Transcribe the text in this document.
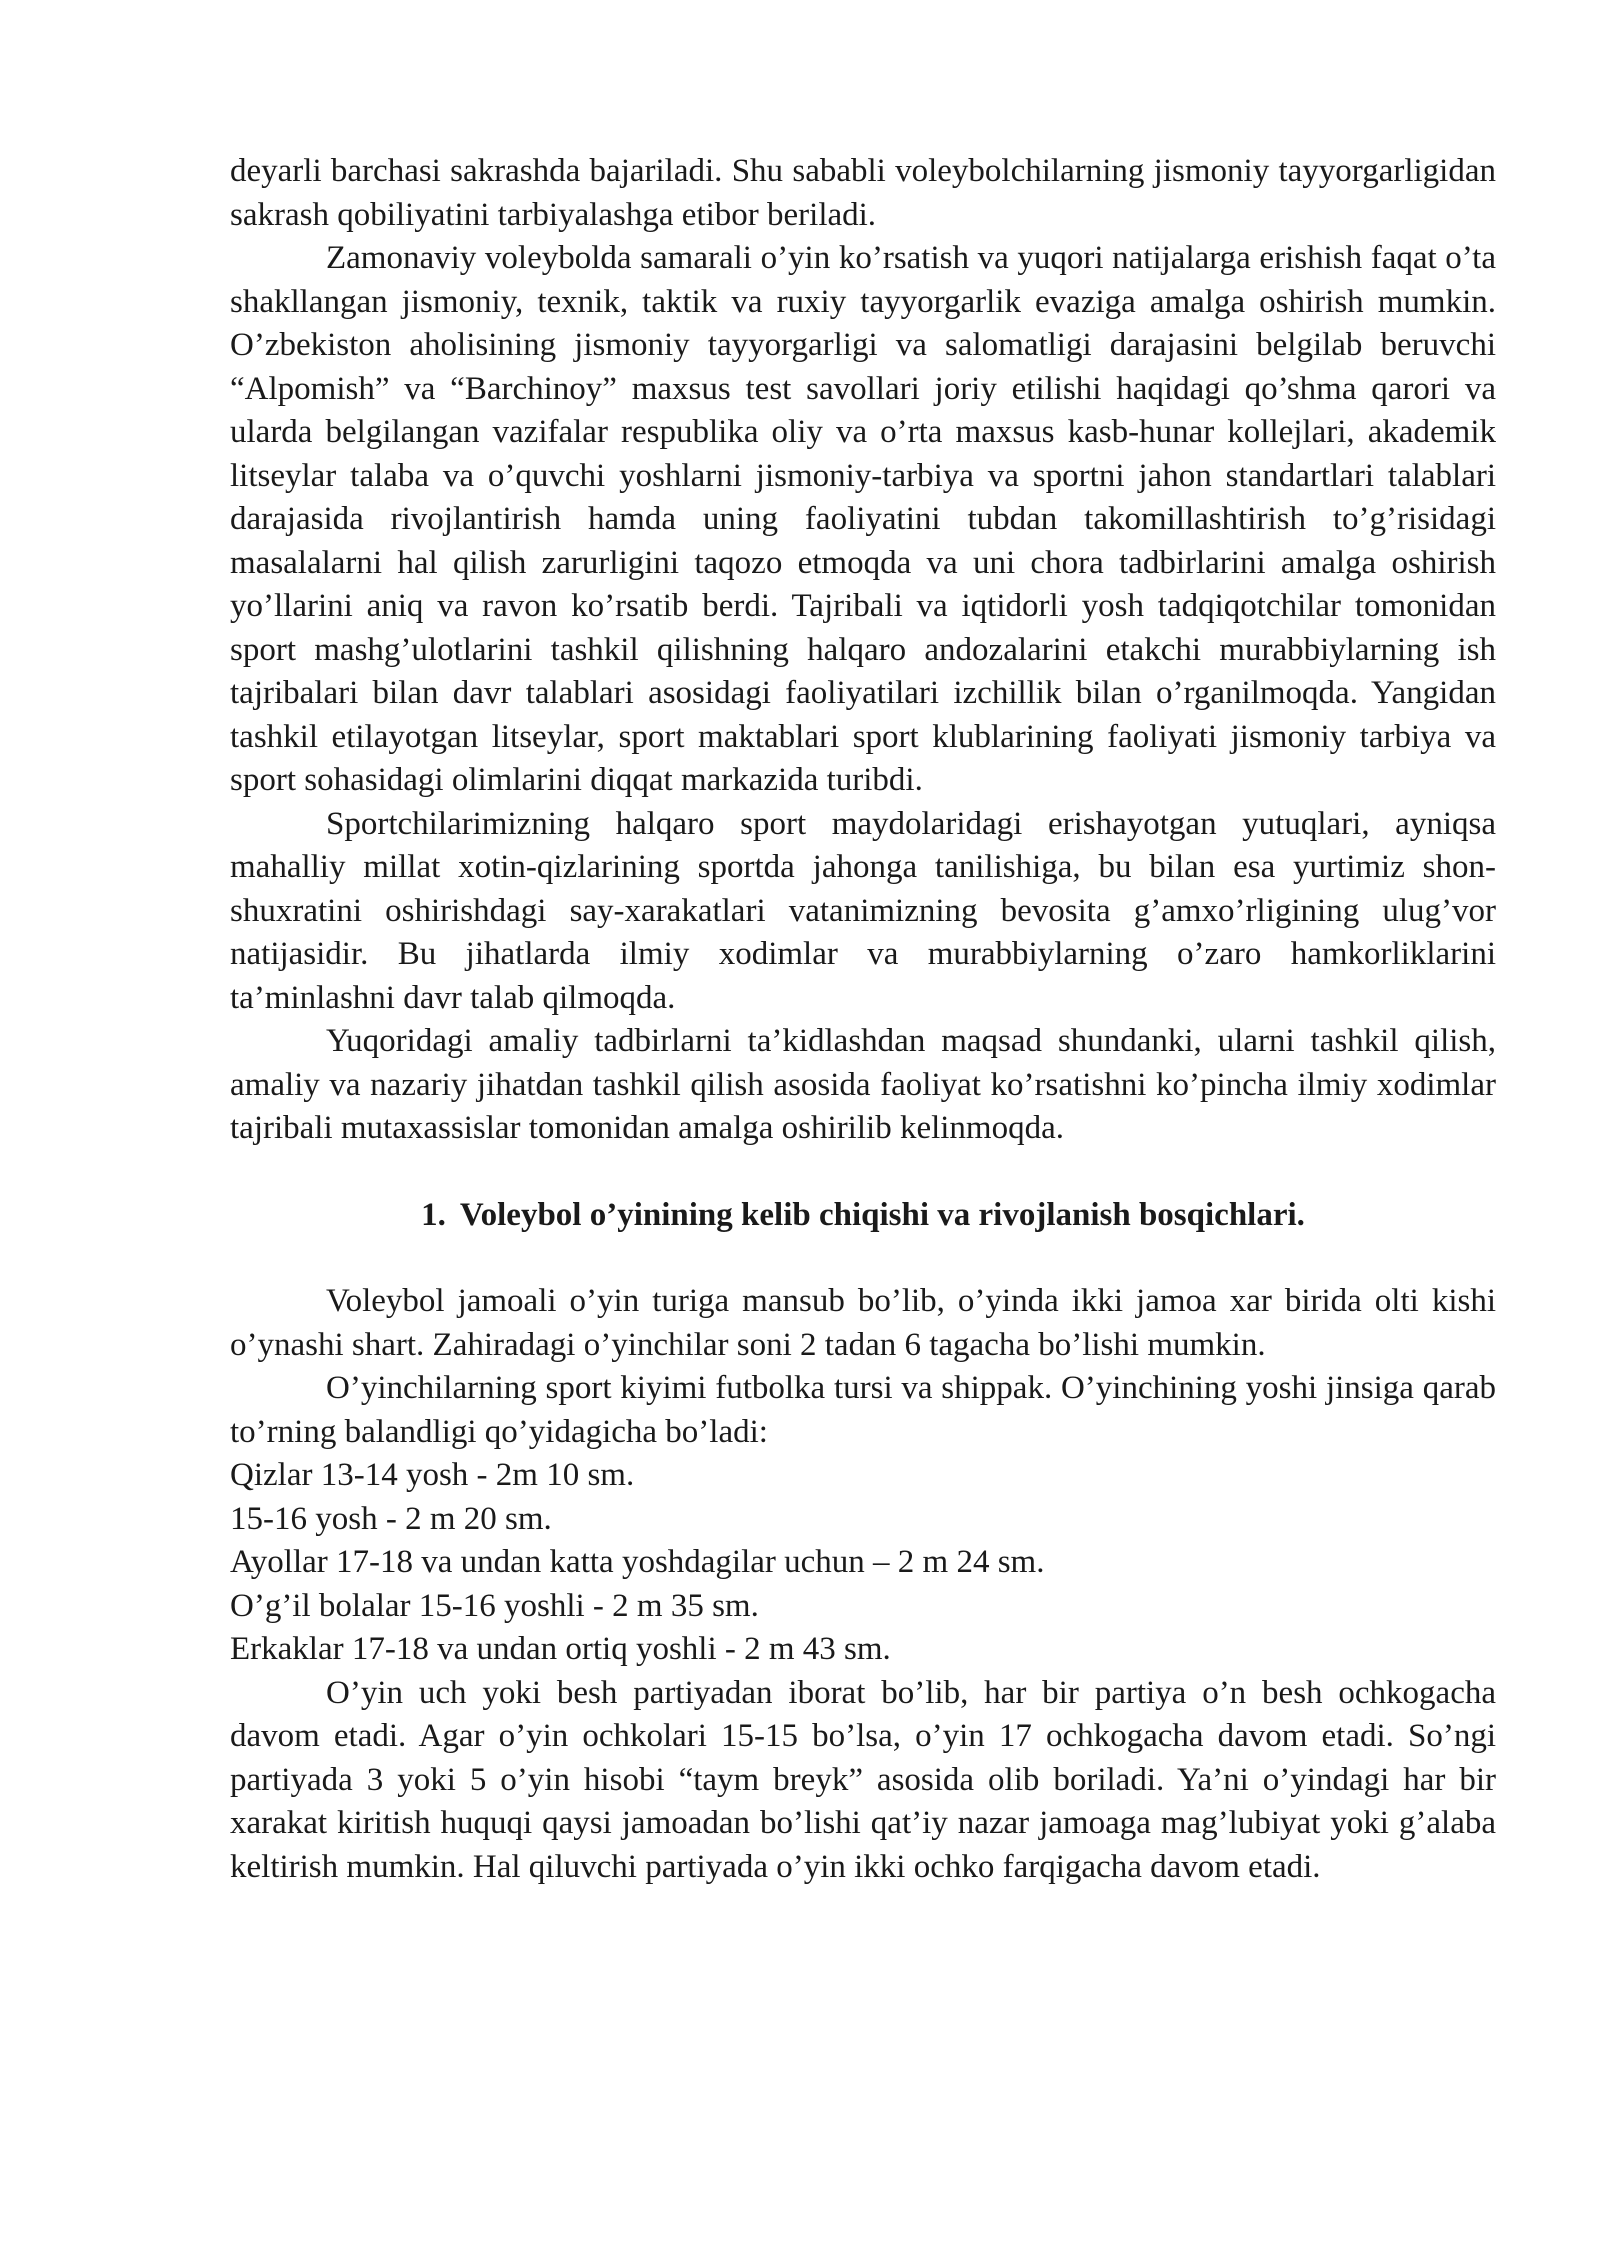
deyarli barchasi sakrashda bajariladi. Shu sababli voleybolchilarning jismoniy tayyorgarligidan sakrash qobiliyatini tarbiyalashga etibor beriladi.

Zamonaviy voleybolda samarali o’yin ko’rsatish va yuqori natijalarga erishish faqat o’ta shakllangan jismoniy, texnik, taktik va ruxiy tayyorgarlik evaziga amalga oshirish mumkin. O’zbekiston aholisining jismoniy tayyorgarligi va salomatligi darajasini belgilab beruvchi “Alpomish” va “Barchinoy” maxsus test savollari joriy etilishi haqidagi qo’shma qarori va ularda belgilangan vazifalar respublika oliy va o’rta maxsus kasb-hunar kollejlari, akademik litseylar talaba va o’quvchi yoshlarni jismoniy-tarbiya va sportni jahon standartlari talablari darajasida rivojlantirish hamda uning faoliyatini tubdan takomillashtirish to’g’risidagi masalalarni hal qilish zarurligini taqozo etmoqda va uni chora tadbirlarini amalga oshirish yo’llarini aniq va ravon ko’rsatib berdi. Tajribali va iqtidorli yosh tadqiqotchilar tomonidan sport mashg’ulotlarini tashkil qilishning halqaro andozalarini etakchi murabbiylarning ish tajribalari bilan davr talablari asosidagi faoliyatilari izchillik bilan o’rganilmoqda. Yangidan tashkil etilayotgan litseylar, sport maktablari sport klublarining faoliyati jismoniy tarbiya va sport sohasidagi olimlarini diqqat markazida turibdi.

Sportchilarimizning halqaro sport maydolaridagi erishayotgan yutuqlari, ayniqsa mahalliy millat xotin-qizlarining sportda jahonga tanilishiga, bu bilan esa yurtimiz shon-shuxratini oshirishdagi say-xarakatlari vatanimizning bevosita g’amxo’rligining ulug’vor natijasidir. Bu jihatlarda ilmiy xodimlar va murabbiylarning o’zaro hamkorliklarini ta’minlashni davr talab qilmoqda.

Yuqoridagi amaliy tadbirlarni ta’kidlashdan maqsad shundanki, ularni tashkil qilish, amaliy va nazariy jihatdan tashkil qilish asosida faoliyat ko’rsatishni ko’pincha ilmiy xodimlar tajribali mutaxassislar tomonidan amalga oshirilib kelinmoqda.

1. Voleybol o’yinining kelib chiqishi va rivojlanish bosqichlari.

Voleybol jamoali o’yin turiga mansub bo’lib, o’yinda ikki jamoa xar birida olti kishi o’ynashi shart. Zahiradagi o’yinchilar soni 2 tadan 6 tagacha bo’lishi mumkin.

O’yinchilarning sport kiyimi futbolka tursi va shippak. O’yinchining yoshi jinsiga qarab to’rning balandligi qo’yidagicha bo’ladi:

Qizlar 13-14 yosh - 2m 10 sm.

15-16 yosh - 2 m 20 sm.

Ayollar 17-18 va undan katta yoshdagilar uchun – 2 m 24 sm.

O’g’il bolalar 15-16 yoshli - 2 m 35 sm.

Erkaklar 17-18 va undan ortiq yoshli - 2 m 43 sm.

O’yin uch yoki besh partiyadan iborat bo’lib, har bir partiya o’n besh ochkogacha davom etadi. Agar o’yin ochkolari 15-15 bo’lsa, o’yin 17 ochkogacha davom etadi. So’ngi partiyada 3 yoki 5 o’yin hisobi “taym breyk” asosida olib boriladi. Ya’ni o’yindagi har bir xarakat kiritish huquqi qaysi jamoadan bo’lishi qat’iy nazar jamoaga mag’lubiyat yoki g’alaba keltirish mumkin. Hal qiluvchi partiyada o’yin ikki ochko farqigacha davom etadi.
